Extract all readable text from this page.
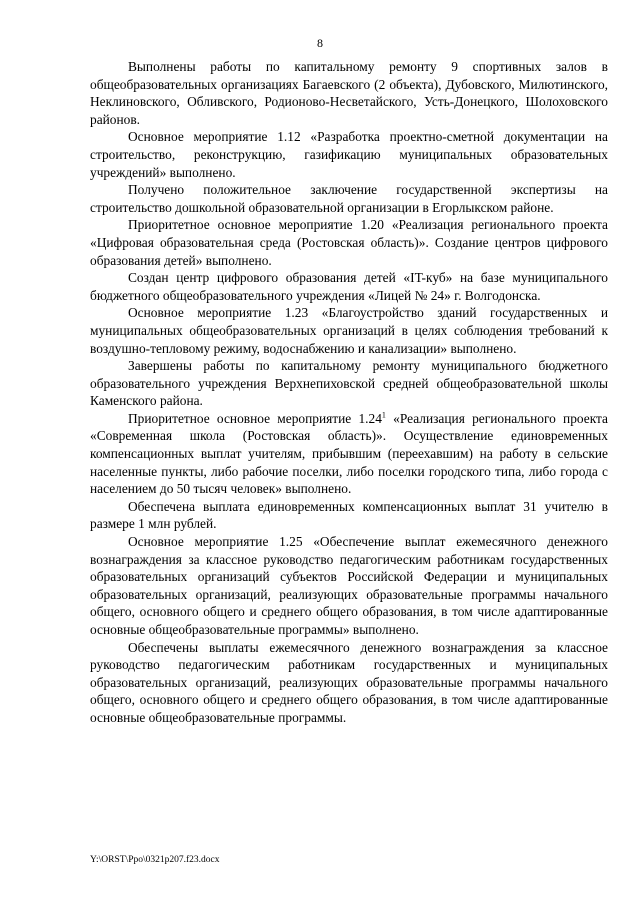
8

Выполнены работы по капитальному ремонту 9 спортивных залов в общеобразовательных организациях Багаевского (2 объекта), Дубовского, Милютинского, Неклиновского, Обливского, Родионово-Несветайского, Усть-Донецкого, Шолоховского районов.

Основное мероприятие 1.12 «Разработка проектно-сметной документации на строительство, реконструкцию, газификацию муниципальных образовательных учреждений» выполнено.

Получено положительное заключение государственной экспертизы на строительство дошкольной образовательной организации в Егорлыкском районе.

Приоритетное основное мероприятие 1.20 «Реализация регионального проекта «Цифровая образовательная среда (Ростовская область)». Создание центров цифрового образования детей» выполнено.

Создан центр цифрового образования детей «IT-куб» на базе муниципального бюджетного общеобразовательного учреждения «Лицей № 24» г. Волгодонска.

Основное мероприятие 1.23 «Благоустройство зданий государственных и муниципальных общеобразовательных организаций в целях соблюдения требований к воздушно-тепловому режиму, водоснабжению и канализации» выполнено.

Завершены работы по капитальному ремонту муниципального бюджетного образовательного учреждения Верхнепиховской средней общеобразовательной школы Каменского района.

Приоритетное основное мероприятие 1.24$^1$ «Реализация регионального проекта «Современная школа (Ростовская область)». Осуществление единовременных компенсационных выплат учителям, прибывшим (переехавшим) на работу в сельские населенные пункты, либо рабочие поселки, либо поселки городского типа, либо города с населением до 50 тысяч человек» выполнено.

Обеспечена выплата единовременных компенсационных выплат 31 учителю в размере 1 млн рублей.

Основное мероприятие 1.25 «Обеспечение выплат ежемесячного денежного вознаграждения за классное руководство педагогическим работникам государственных образовательных организаций субъектов Российской Федерации и муниципальных образовательных организаций, реализующих образовательные программы начального общего, основного общего и среднего общего образования, в том числе адаптированные основные общеобразовательные программы» выполнено.

Обеспечены выплаты ежемесячного денежного вознаграждения за классное руководство педагогическим работникам государственных и муниципальных образовательных организаций, реализующих образовательные программы начального общего, основного общего и среднего общего образования, в том числе адаптированные основные общеобразовательные программы.

Y:\ORST\Ppo\0321p207.f23.docx
